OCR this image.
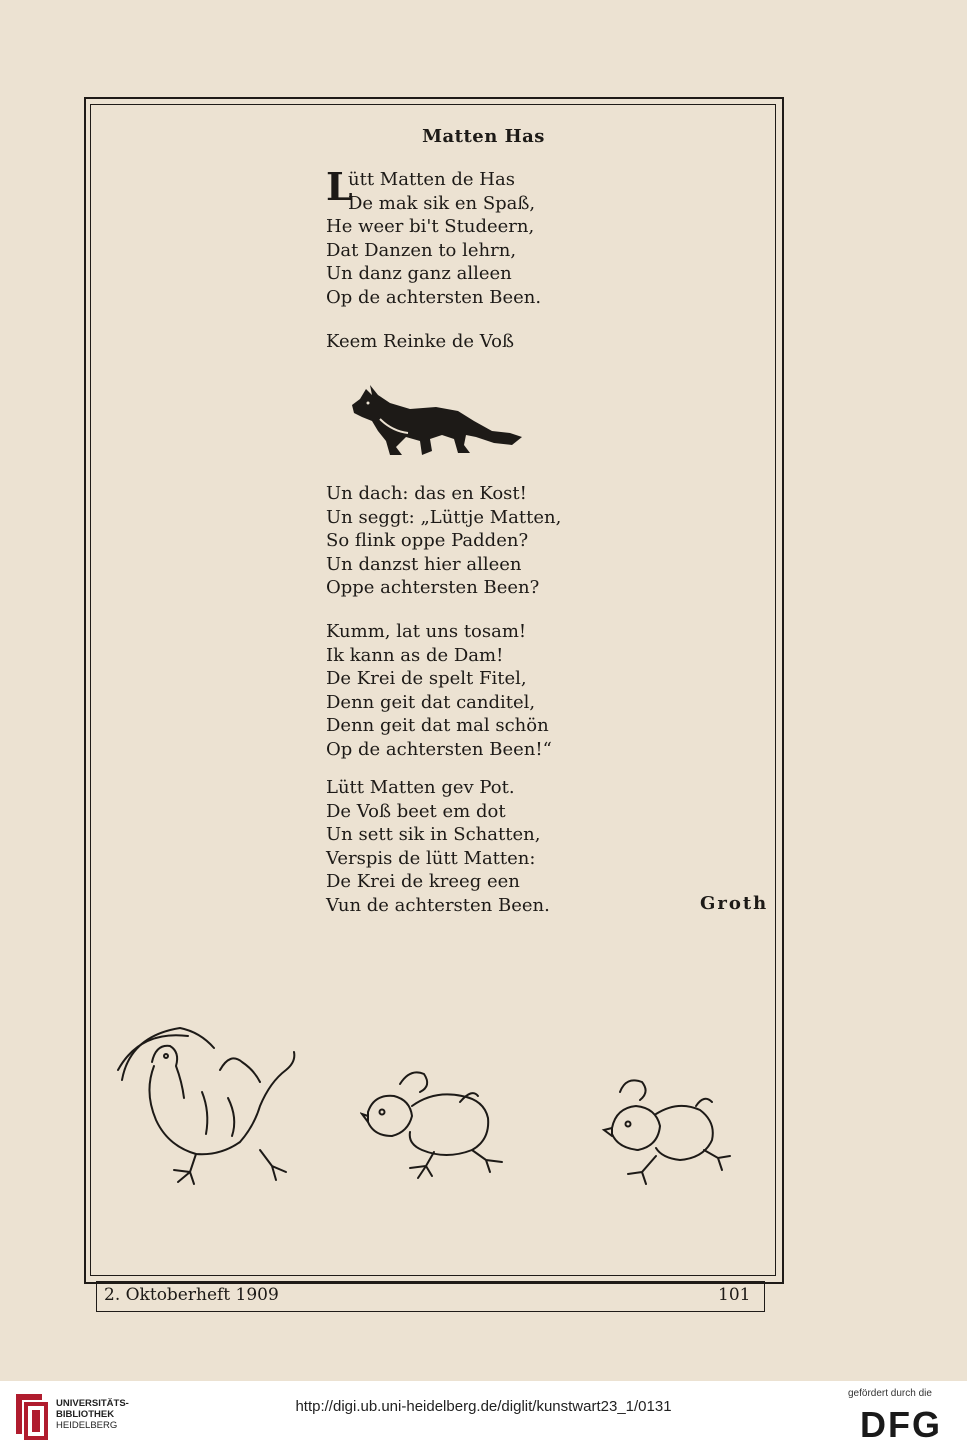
Matten Has
L
ütt Matten de Has
De mak sik en Spaß,
He weer bi't Studeern,
Dat Danzen to lehrn,
Un danz ganz alleen
Op de achtersten Been.
Keem Reinke de Voß
Un dach: das en Kost!
Un seggt: „Lüttje Matten,
So flink oppe Padden?
Un danzst hier alleen
Oppe achtersten Been?
Kumm, lat uns tosam!
Ik kann as de Dam!
De Krei de spelt Fitel,
Denn geit dat canditel,
Denn geit dat mal schön
Op de achtersten Been!“
Lütt Matten gev Pot.
De Voß beet em dot
Un sett sik in Schatten,
Verspis de lütt Matten:
De Krei de kreeg een
Vun de achtersten Been.	Groth
2. Oktoberheft 1909	101
UNIVERSITÄTS-
BIBLIOTHEK
HEIDELBERG
http://digi.ub.uni-heidelberg.de/diglit/kunstwart23_1/0131
gefördert durch die
DFG
